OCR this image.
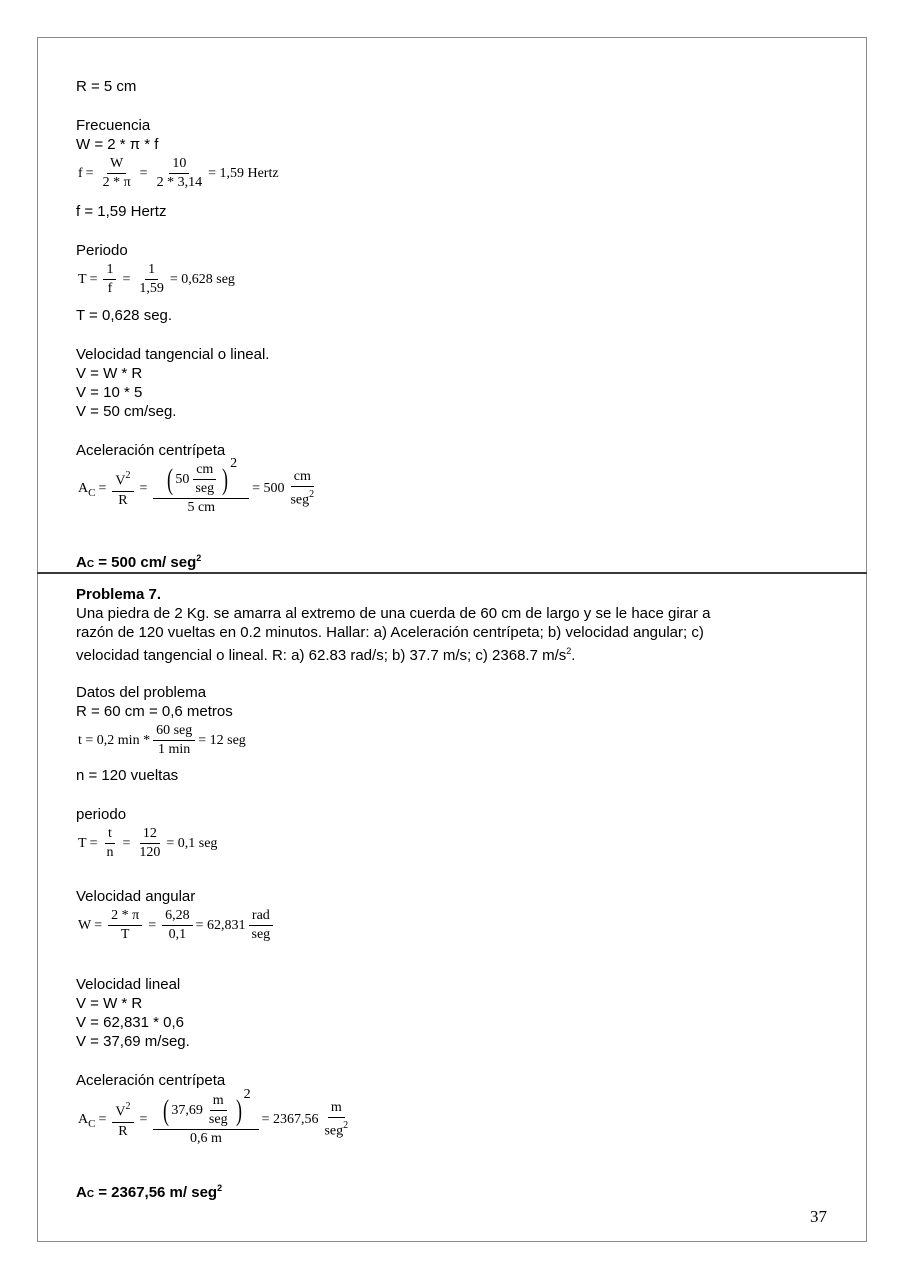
R = 5 cm
Frecuencia
W = 2 * π * f
$f = \frac{W}{2 * \pi} = \frac{10}{2 * 3,14} = 1,59$ Hertz
f = 1,59 Hertz
Periodo
$T = \frac{1}{f} = \frac{1}{1,59} = 0,628$ seg
T = 0,628 seg.
Velocidad tangencial o lineal.
V = W * R
V = 10 * 5
V = 50 cm/seg.
Aceleración centrípeta
$A_C = \frac{V^2}{R} = \frac{( 50 \frac{cm}{\text{seg}} )^2}{5 cm} = 500 \frac{cm}{seg^2}$
AC = 500 cm/ seg$^2$
Problema 7.
Una piedra de 2 Kg. se amarra al extremo de una cuerda de 60 cm de largo y se le hace girar a
razón de 120 vueltas en 0.2 minutos. Hallar: a) Aceleración centrípeta; b) velocidad angular; c)
velocidad tangencial o lineal. R: a) 62.83 rad/s; b) 37.7 m/s; c) 2368.7 $m/s^2$.
Datos del problema
R = 60 cm = 0,6 metros
t = 0,2 $\min * \frac{\text{60 seg}}{1 \min} = 12$ seg
n = 120 vueltas
periodo
$T = \frac{t}{n} = \frac{12}{120} = 0,1$ seg
Velocidad angular
$W = \frac{2 * \pi}{T} = \frac{6,28}{0,1} = 62,831 \frac{\text{rad}}{\text{seg}}$
Velocidad lineal
V = W * R
V = 62,831 * 0,6
V = 37,69 m/seg.
Aceleración centrípeta
$A_C = \frac{V^2}{R} = \frac{( 37,69 \frac{m}{\text{seg}} )^2}{0,6 m} = 2367,56 \frac{m}{seg^2}$
AC = 2367,56 m/ seg$^2$
37
